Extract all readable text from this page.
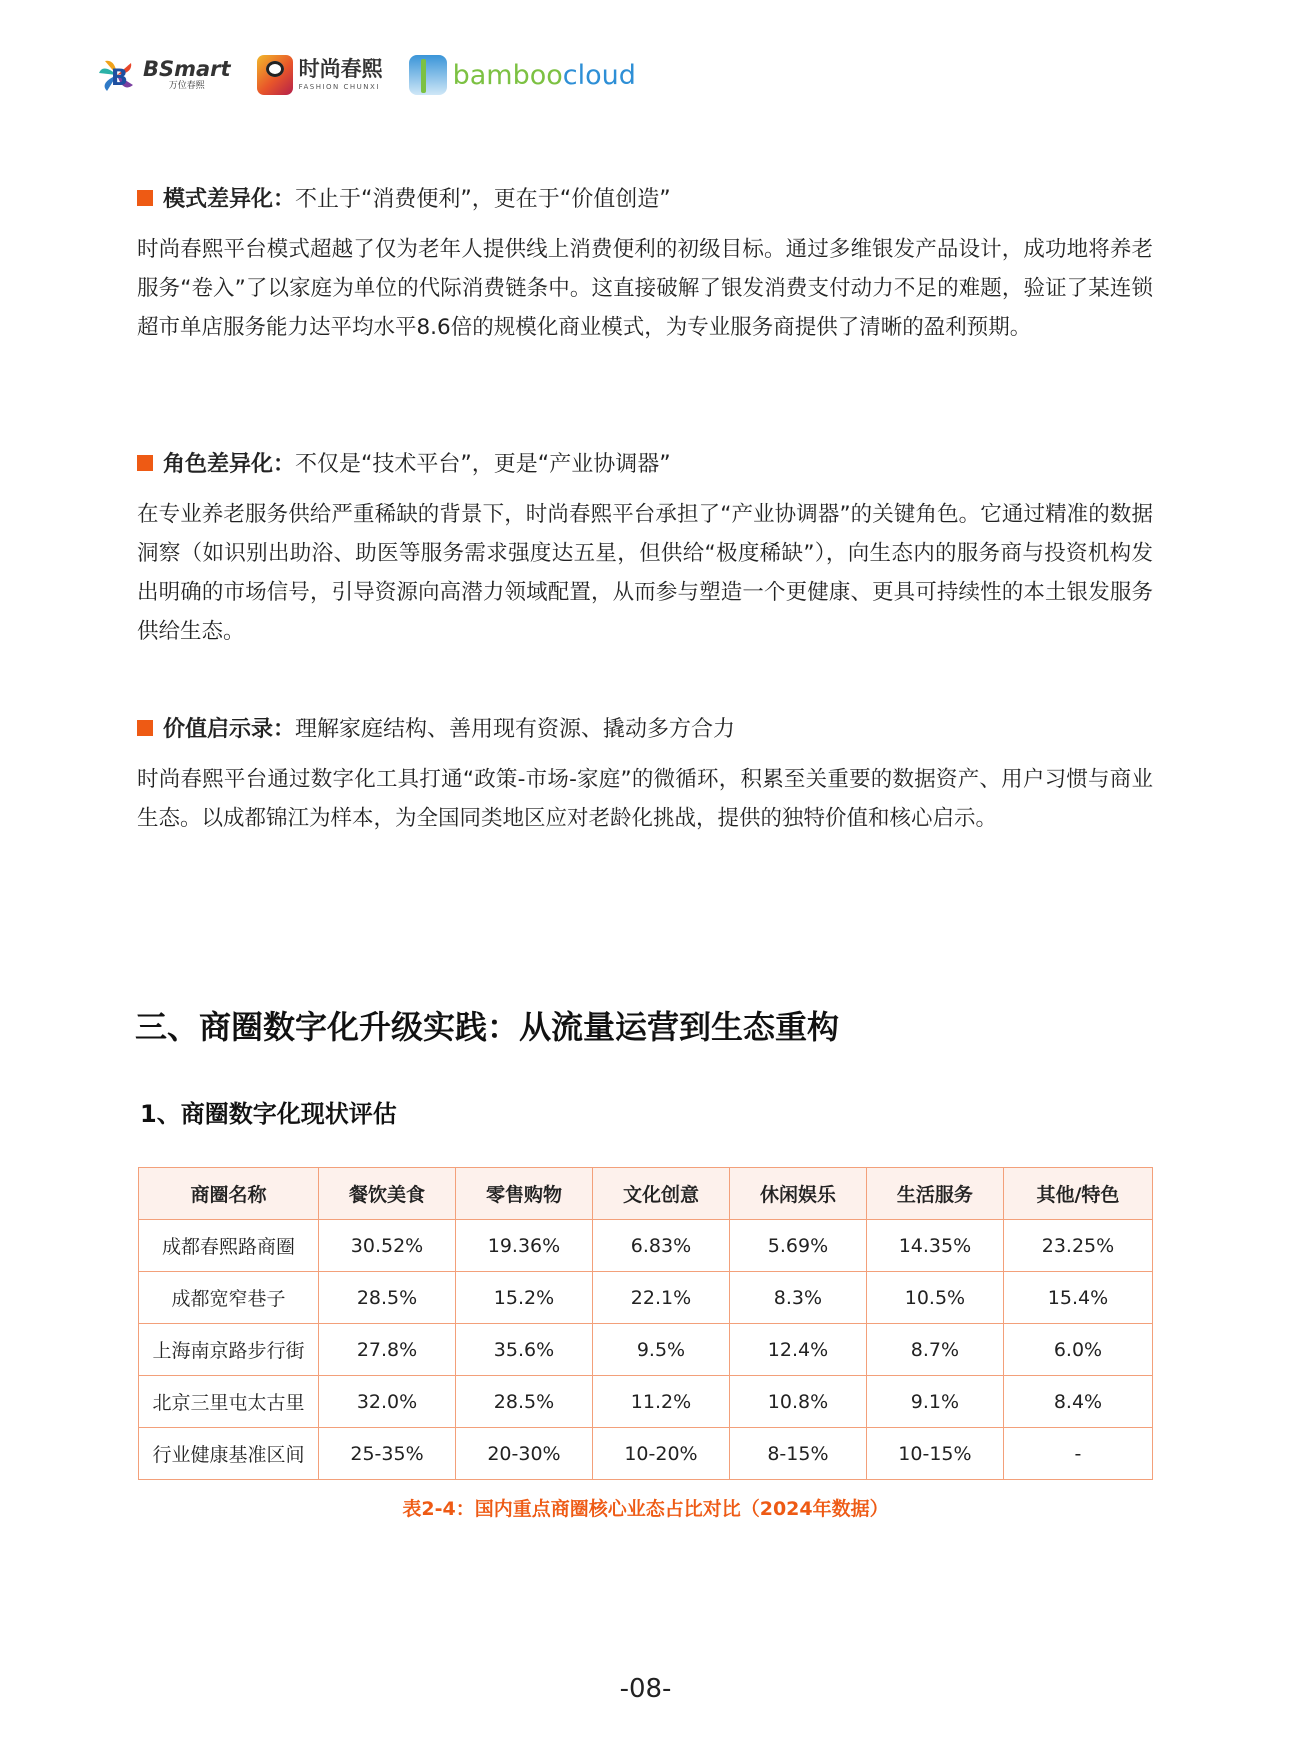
B BSmart
万位春熙
时尚春熙
FASHION CHUNXI	bamboocloud
模式差异化： 不止于“消费便利”，更在于“价值创造”
时尚春熙平台模式超越了仅为老年人提供线上消费便利的初级目标。通过多维银发产品设计，成功地将养老服务“卷入”了以家庭为单位的代际消费链条中。这直接破解了银发消费支付动力不足的难题，验证了某连锁超市单店服务能力达平均水平8.6倍的规模化商业模式，为专业服务商提供了清晰的盈利预期。
角色差异化： 不仅是“技术平台”，更是“产业协调器”
在专业养老服务供给严重稀缺的背景下，时尚春熙平台承担了“产业协调器”的关键角色。它通过精准的数据洞察（如识别出助浴、助医等服务需求强度达五星，但供给“极度稀缺”），向生态内的服务商与投资机构发出明确的市场信号，引导资源向高潜力领域配置，从而参与塑造一个更健康、更具可持续性的本土银发服务供给生态。
价值启示录： 理解家庭结构、善用现有资源、撬动多方合力
时尚春熙平台通过数字化工具打通“政策-市场-家庭”的微循环，积累至关重要的数据资产、用户习惯与商业生态。以成都锦江为样本，为全国同类地区应对老龄化挑战，提供的独特价值和核心启示。
三、商圈数字化升级实践：从流量运营到生态重构
1、商圈数字化现状评估
商圈名称	餐饮美食	零售购物	文化创意	休闲娱乐	生活服务	其他/特色
成都春熙路商圈	30.52%	19.36%	6.83%	5.69%	14.35%	23.25%
成都宽窄巷子	28.5%	15.2%	22.1%	8.3%	10.5%	15.4%
上海南京路步行街	27.8%	35.6%	9.5%	12.4%	8.7%	6.0%
北京三里屯太古里	32.0%	28.5%	11.2%	10.8%	9.1%	8.4%
行业健康基准区间	25-35%	20-30%	10-20%	8-15%	10-15%	-
表2-4：国内重点商圈核心业态占比对比（2024年数据）
-08-
